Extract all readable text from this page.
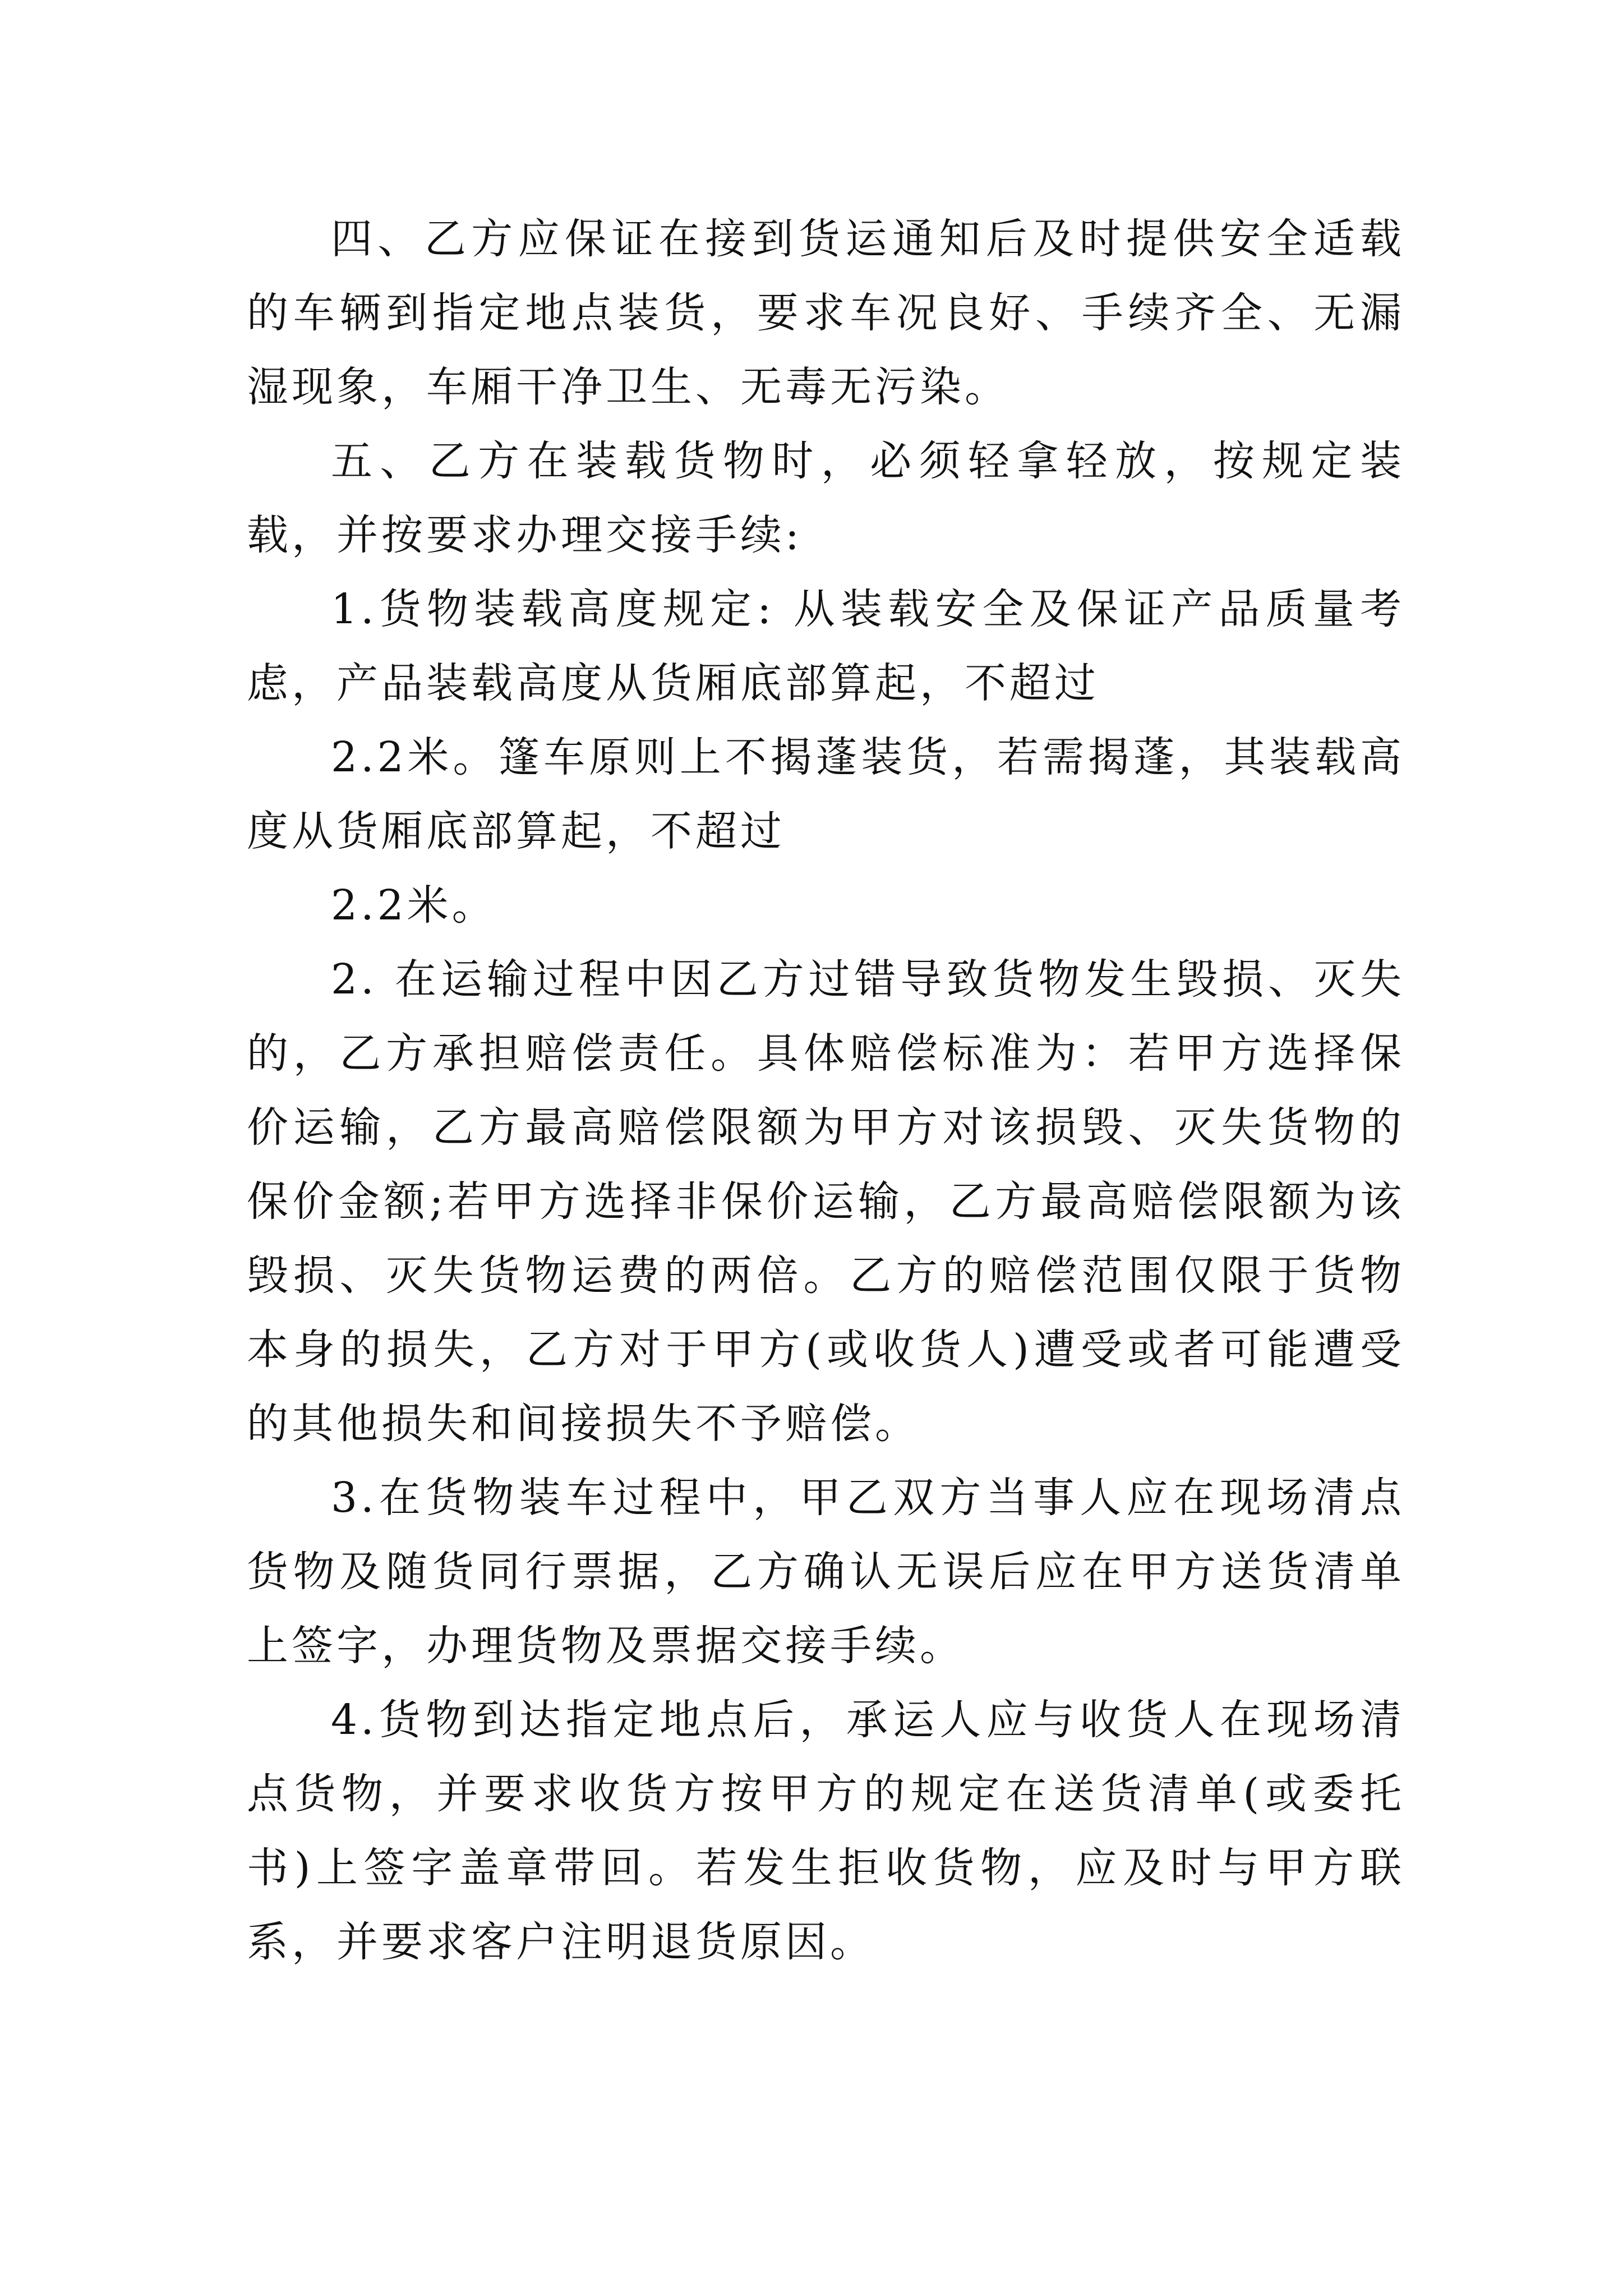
四、乙方应保证在接到货运通知后及时提供安全适载的车辆到指定地点装货，要求车况良好、手续齐全、无漏湿现象，车厢干净卫生、无毒无污染。

五、乙方在装载货物时，必须轻拿轻放，按规定装载，并按要求办理交接手续:

1.货物装载高度规定: 从装载安全及保证产品质量考虑，产品装载高度从货厢底部算起，不超过

2.2米。篷车原则上不揭蓬装货，若需揭蓬，其装载高度从货厢底部算起，不超过

2.2米。

2. 在运输过程中因乙方过错导致货物发生毁损、灭失的，乙方承担赔偿责任。具体赔偿标准为：若甲方选择保价运输，乙方最高赔偿限额为甲方对该损毁、灭失货物的保价金额;若甲方选择非保价运输，乙方最高赔偿限额为该毁损、灭失货物运费的两倍。乙方的赔偿范围仅限于货物本身的损失，乙方对于甲方(或收货人)遭受或者可能遭受的其他损失和间接损失不予赔偿。

3.在货物装车过程中，甲乙双方当事人应在现场清点货物及随货同行票据，乙方确认无误后应在甲方送货清单上签字，办理货物及票据交接手续。

4.货物到达指定地点后，承运人应与收货人在现场清点货物，并要求收货方按甲方的规定在送货清单(或委托书)上签字盖章带回。若发生拒收货物，应及时与甲方联系，并要求客户注明退货原因。
